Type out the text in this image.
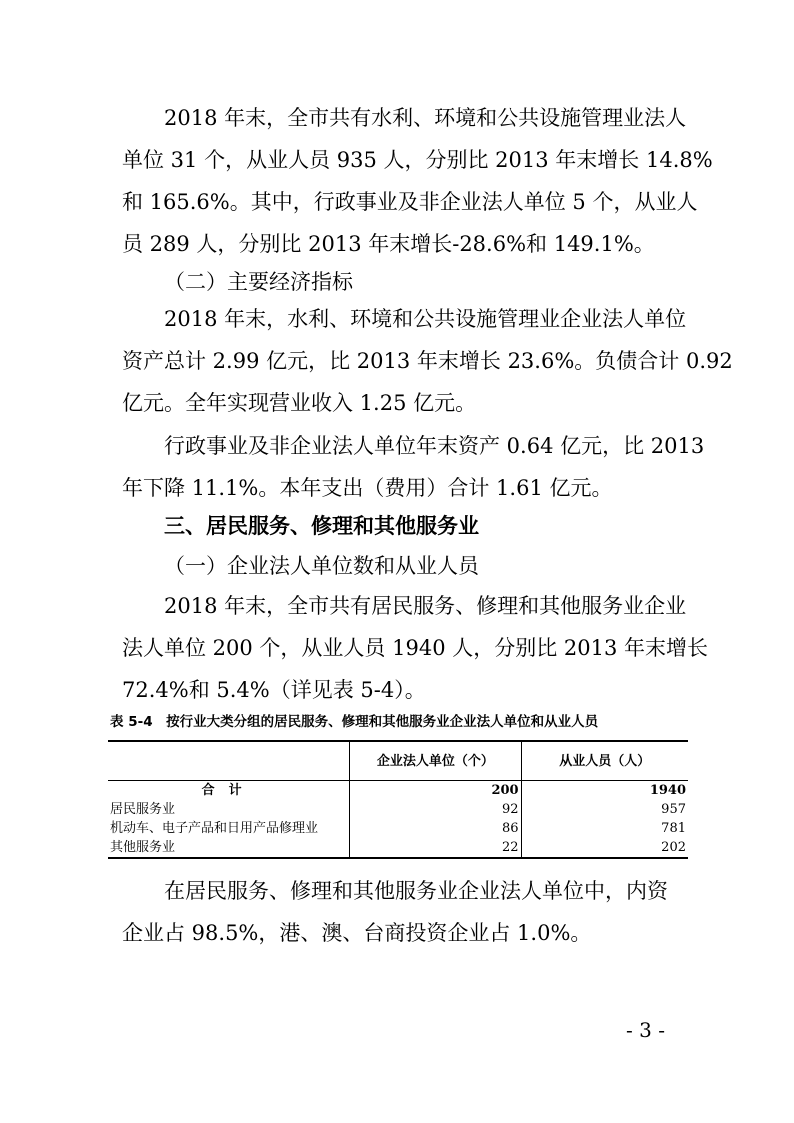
2018 年末，全市共有水利、环境和公共设施管理业法人
单位 31 个，从业人员 935 人，分别比 2013 年末增长 14.8%
和 165.6%。其中，行政事业及非企业法人单位 5 个，从业人
员 289 人，分别比 2013 年末增长-28.6%和 149.1%。

（二）主要经济指标

2018 年末，水利、环境和公共设施管理业企业法人单位
资产总计 2.99 亿元，比 2013 年末增长 23.6%。负债合计 0.92
亿元。全年实现营业收入 1.25 亿元。

行政事业及非企业法人单位年末资产 0.64 亿元，比 2013
年下降 11.1%。本年支出（费用）合计 1.61 亿元。

三、居民服务、修理和其他服务业

（一）企业法人单位数和从业人员

2018 年末，全市共有居民服务、修理和其他服务业企业
法人单位 200 个，从业人员 1940 人，分别比 2013 年末增长
72.4%和 5.4%（详见表 5-4）。

表 5-4　按行业大类分组的居民服务、修理和其他服务业企业法人单位和从业人员
	企业法人单位（个）	从业人员（人）
合计	200	1940
居民服务业	92	957
机动车、电子产品和日用产品修理业	86	781
其他服务业	22	202

在居民服务、修理和其他服务业企业法人单位中，内资
企业占 98.5%，港、澳、台商投资企业占 1.0%。

- 3 -
